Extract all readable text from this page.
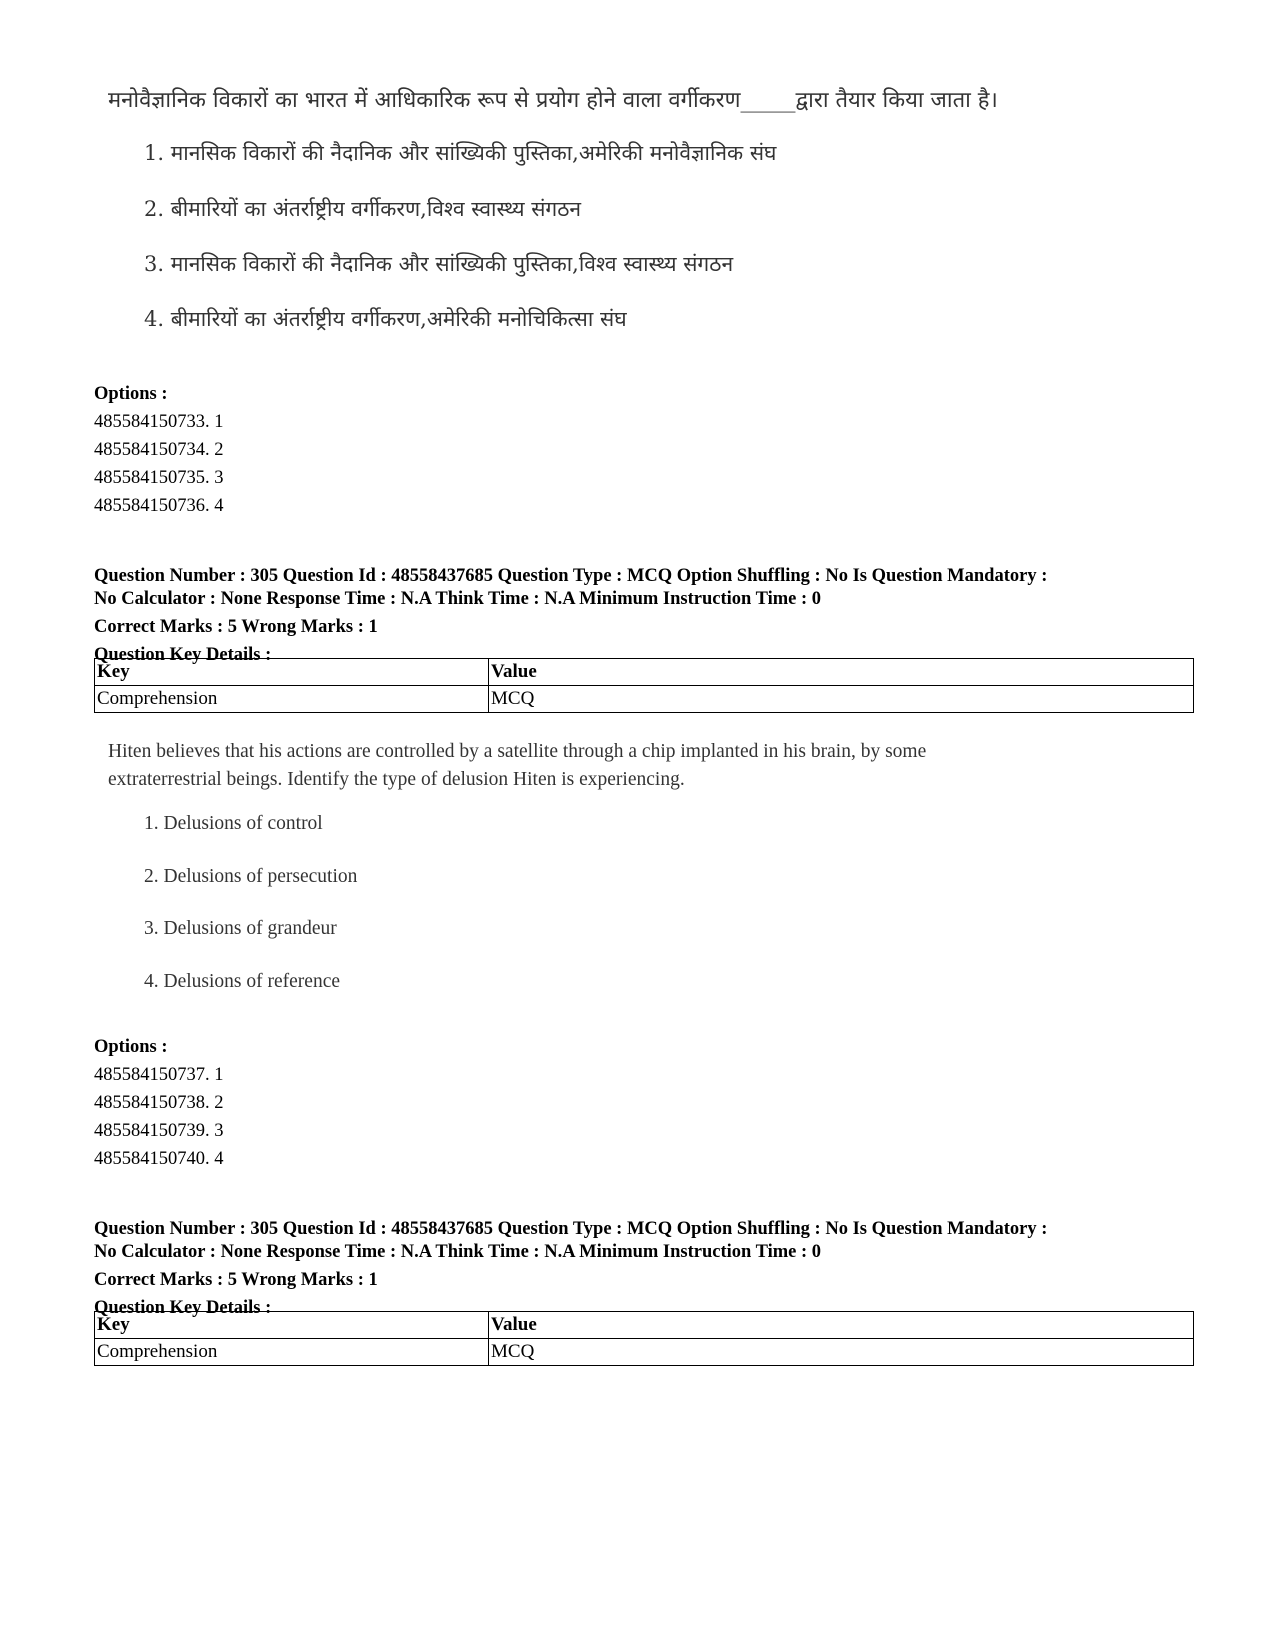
मनोवैज्ञानिक विकारों का भारत में आधिकारिक रूप से प्रयोग होने वाला वर्गीकरण_____द्वारा तैयार किया जाता है।

1. मानसिक विकारों की नैदानिक और सांख्यिकी पुस्तिका,अमेरिकी मनोवैज्ञानिक संघ

2. बीमारियों का अंतर्राष्ट्रीय वर्गीकरण,विश्व स्वास्थ्य संगठन

3. मानसिक विकारों की नैदानिक और सांख्यिकी पुस्तिका,विश्व स्वास्थ्य संगठन

4. बीमारियों का अंतर्राष्ट्रीय वर्गीकरण,अमेरिकी मनोचिकित्सा संघ

Options :

485584150733. 1

485584150734. 2

485584150735. 3

485584150736. 4

Question Number : 305 Question Id : 48558437685 Question Type : MCQ Option Shuffling : No Is Question Mandatory :

No Calculator : None Response Time : N.A Think Time : N.A Minimum Instruction Time : 0

Correct Marks : 5 Wrong Marks : 1

Question Key Details :

Key	Value
Comprehension	MCQ

Hiten believes that his actions are controlled by a satellite through a chip implanted in his brain, by some

extraterrestrial beings. Identify the type of delusion Hiten is experiencing.

1. Delusions of control

2. Delusions of persecution

3. Delusions of grandeur

4. Delusions of reference

Options :

485584150737. 1

485584150738. 2

485584150739. 3

485584150740. 4

Question Number : 305 Question Id : 48558437685 Question Type : MCQ Option Shuffling : No Is Question Mandatory :

No Calculator : None Response Time : N.A Think Time : N.A Minimum Instruction Time : 0

Correct Marks : 5 Wrong Marks : 1

Question Key Details :

Key	Value
Comprehension	MCQ
